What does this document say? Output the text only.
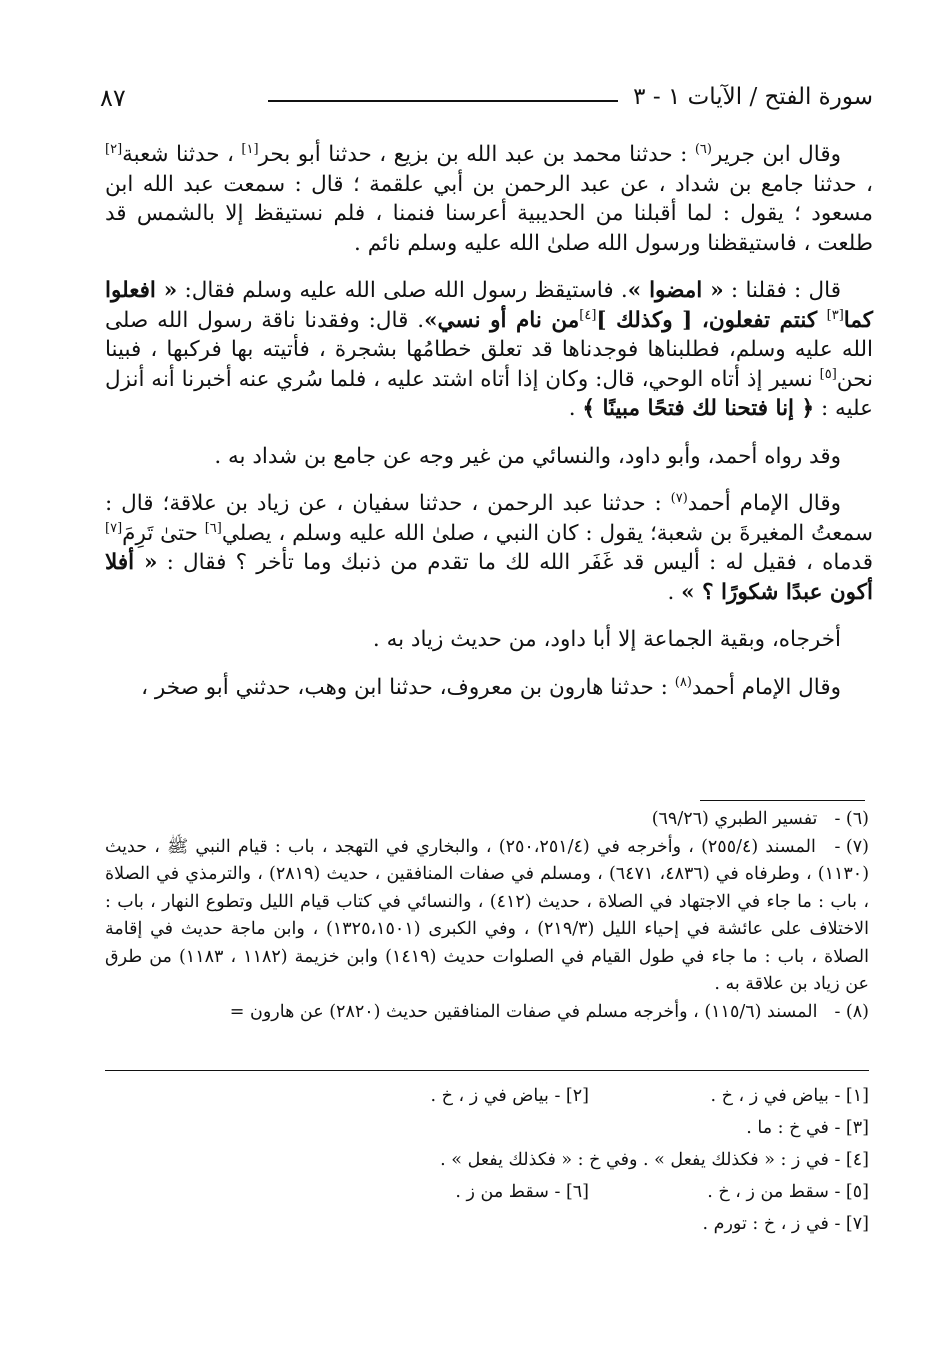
٨٧	سورة الفتح / الآيات ١ - ٣

وقال ابن جرير$^{(٦)}$ : حدثنا محمد بن عبد الله بن بزيع ، حدثنا أبو بحر[١] ، حدثنا شعبة[٢] ، حدثنا جامع بن شداد ، عن عبد الرحمن بن أبي علقمة ؛ قال : سمعت عبد الله ابن مسعود ؛ يقول : لما أقبلنا من الحديبية أعرسنا فنمنا ، فلم نستيقظ إلا بالشمس قد طلعت ، فاستيقظنا ورسول الله صلىٰ الله عليه وسلم نائم .

قال : فقلنا : « امضوا ». فاستيقظ رسول الله صلى الله عليه وسلم فقال: « افعلوا كما[٣] كنتم تفعلون، [ وكذلك ][٤]من نام أو نسي». قال: وفقدنا ناقة رسول الله صلى الله عليه وسلم، فطلبناها فوجدناها قد تعلق خطامُها بشجرة ، فأتيته بها فركبها ، فبينا نحن[٥] نسير إذ أتاه الوحي، قال: وكان إذا أتاه اشتد عليه ، فلما سُري عنه أخبرنا أنه أنزل عليه : ﴿ إنا فتحنا لك فتحًا مبينًا ﴾ .

وقد رواه أحمد، وأبو داود، والنسائي من غير وجه عن جامع بن شداد به .

وقال الإمام أحمد$^{(٧)}$ : حدثنا عبد الرحمن ، حدثنا سفيان ، عن زياد بن علاقة؛ قال : سمعتُ المغيرةَ بن شعبة؛ يقول : كان النبي ، صلىٰ الله عليه وسلم ، يصلي[٦] حتىٰ تَرِمَ[٧] قدماه ، فقيل له : أليس قد غَفَر الله لك ما تقدم من ذنبك وما تأخر ؟ فقال : « أفلا أكون عبدًا شكورًا ؟ » .

أخرجاه، وبقية الجماعة إلا أبا داود، من حديث زياد به .

وقال الإمام أحمد$^{(٨)}$ : حدثنا هارون بن معروف، حدثنا ابن وهب، حدثني أبو صخر ،

(٦) - تفسير الطبري (٦٩/٢٦)

(٧) - المسند (٢٥٥/٤) ، وأخرجه في (٢٥٠،٢٥١/٤) ، والبخاري في التهجد ، باب : قيام النبي ﷺ ، حديث (١١٣٠) ، وطرفاه في (٤٨٣٦، ٦٤٧١) ، ومسلم في صفات المنافقين ، حديث (٢٨١٩) ، والترمذي في الصلاة ، باب : ما جاء في الاجتهاد في الصلاة ، حديث (٤١٢) ، والنسائي في كتاب قيام الليل وتطوع النهار ، باب : الاختلاف على عائشة في إحياء الليل (٢١٩/٣) ، وفي الكبرى (١٣٢٥،١٥٠١) ، وابن ماجة حديث في إقامة الصلاة ، باب : ما جاء في طول القيام في الصلوات حديث (١٤١٩) وابن خزيمة (١١٨٢ ، ١١٨٣) من طرق عن زياد بن علاقة به .

(٨) - المسند (١١٥/٦) ، وأخرجه مسلم في صفات المنافقين حديث (٢٨٢٠) عن هارون =

[١] - بياض في ز ، خ .
[٢] - بياض في ز ، خ .
[٣] - في خ : ما .
[٤] - في ز : « فكذلك يفعل » . وفي خ : « فكذلك يفعل » .
[٥] - سقط من ز ، خ .
[٦] - سقط من ز .
[٧] - في ز ، خ : تورم .
